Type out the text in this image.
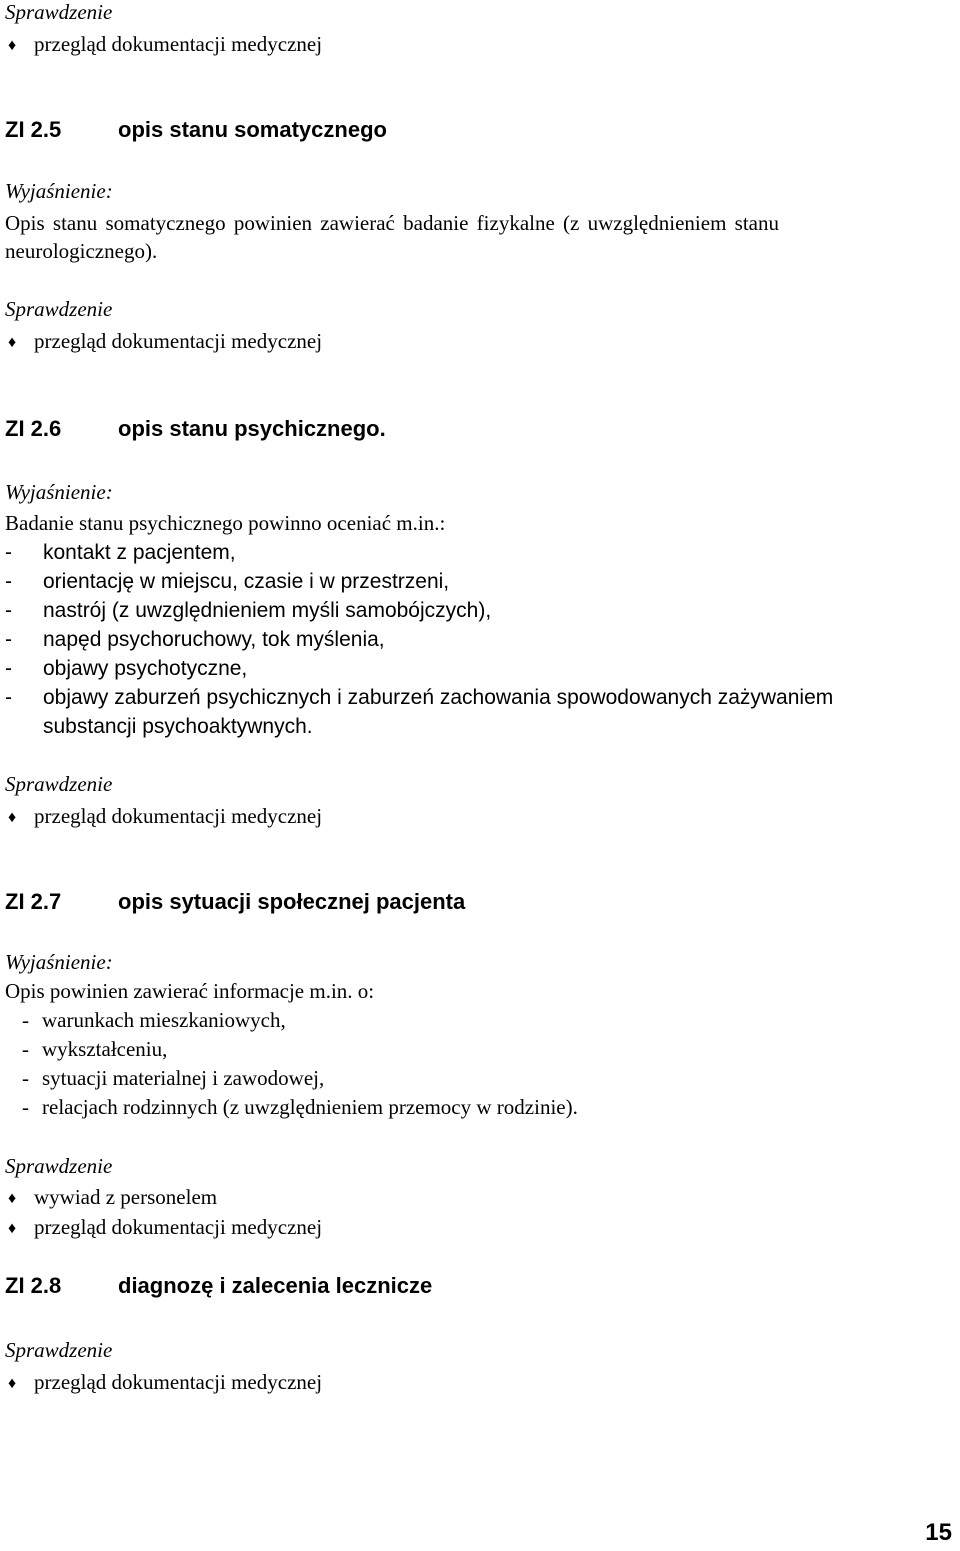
Sprawdzenie
♦ przegląd dokumentacji medycznej
ZI 2.5	opis stanu somatycznego
Wyjaśnienie:
Opis stanu somatycznego powinien zawierać badanie fizykalne (z uwzględnieniem stanu
neurologicznego).
Sprawdzenie
♦ przegląd dokumentacji medycznej
ZI 2.6	opis stanu psychicznego.
Wyjaśnienie:
Badanie stanu psychicznego powinno oceniać m.in.:
- kontakt z pacjentem,
- orientację w miejscu, czasie i w przestrzeni,
- nastrój (z uwzględnieniem myśli samobójczych),
- napęd psychoruchowy, tok myślenia,
- objawy psychotyczne,
- objawy zaburzeń psychicznych i zaburzeń zachowania spowodowanych zażywaniem
substancji psychoaktywnych.
Sprawdzenie
♦ przegląd dokumentacji medycznej
ZI 2.7	opis sytuacji społecznej pacjenta
Wyjaśnienie:
Opis powinien zawierać informacje m.in. o:
- warunkach mieszkaniowych,
- wykształceniu,
- sytuacji materialnej i zawodowej,
- relacjach rodzinnych (z uwzględnieniem przemocy w rodzinie).
Sprawdzenie
♦ wywiad z personelem
♦ przegląd dokumentacji medycznej
ZI 2.8	diagnozę i zalecenia lecznicze
Sprawdzenie
♦ przegląd dokumentacji medycznej
15
